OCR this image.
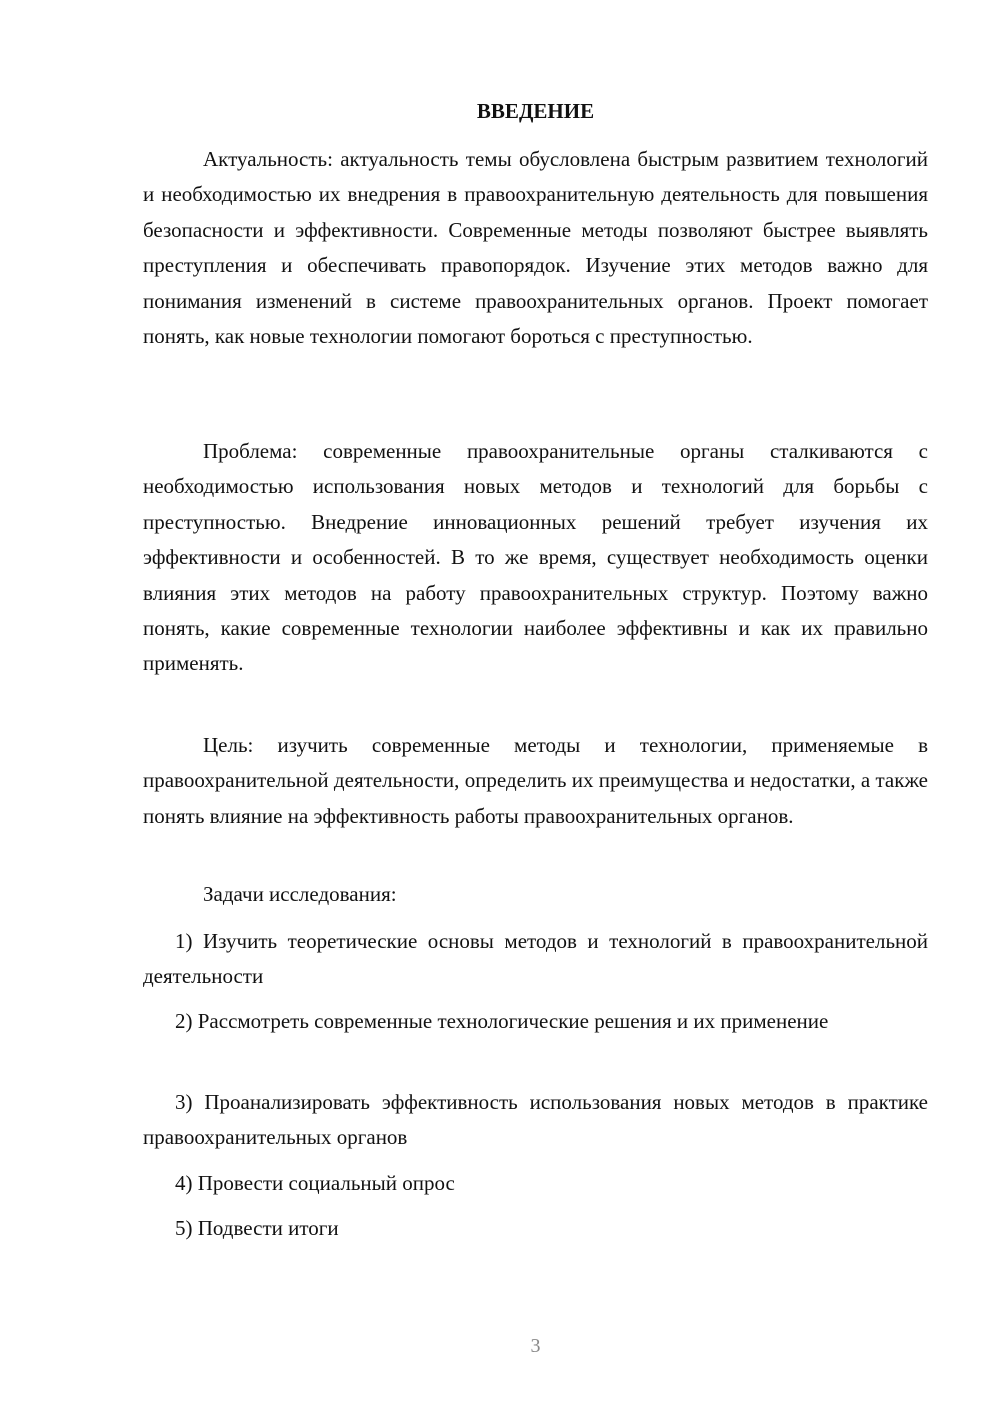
ВВЕДЕНИЕ

Актуальность: актуальность темы обусловлена быстрым развитием технологий и необходимостью их внедрения в правоохранительную деятельность для повышения безопасности и эффективности. Современные методы позволяют быстрее выявлять преступления и обеспечивать правопорядок. Изучение этих методов важно для понимания изменений в системе правоохранительных органов. Проект помогает понять, как новые технологии помогают бороться с преступностью.

Проблема: современные правоохранительные органы сталкиваются с необходимостью использования новых методов и технологий для борьбы с преступностью. Внедрение инновационных решений требует изучения их эффективности и особенностей. В то же время, существует необходимость оценки влияния этих методов на работу правоохранительных структур. Поэтому важно понять, какие современные технологии наиболее эффективны и как их правильно применять.

Цель: изучить современные методы и технологии, применяемые в правоохранительной деятельности, определить их преимущества и недостатки, а также понять влияние на эффективность работы правоохранительных органов.

Задачи исследования:

1) Изучить теоретические основы методов и технологий в правоохранительной деятельности

2) Рассмотреть современные технологические решения и их применение

3) Проанализировать эффективность использования новых методов в практике правоохранительных органов

4) Провести социальный опрос

5) Подвести итоги

3
